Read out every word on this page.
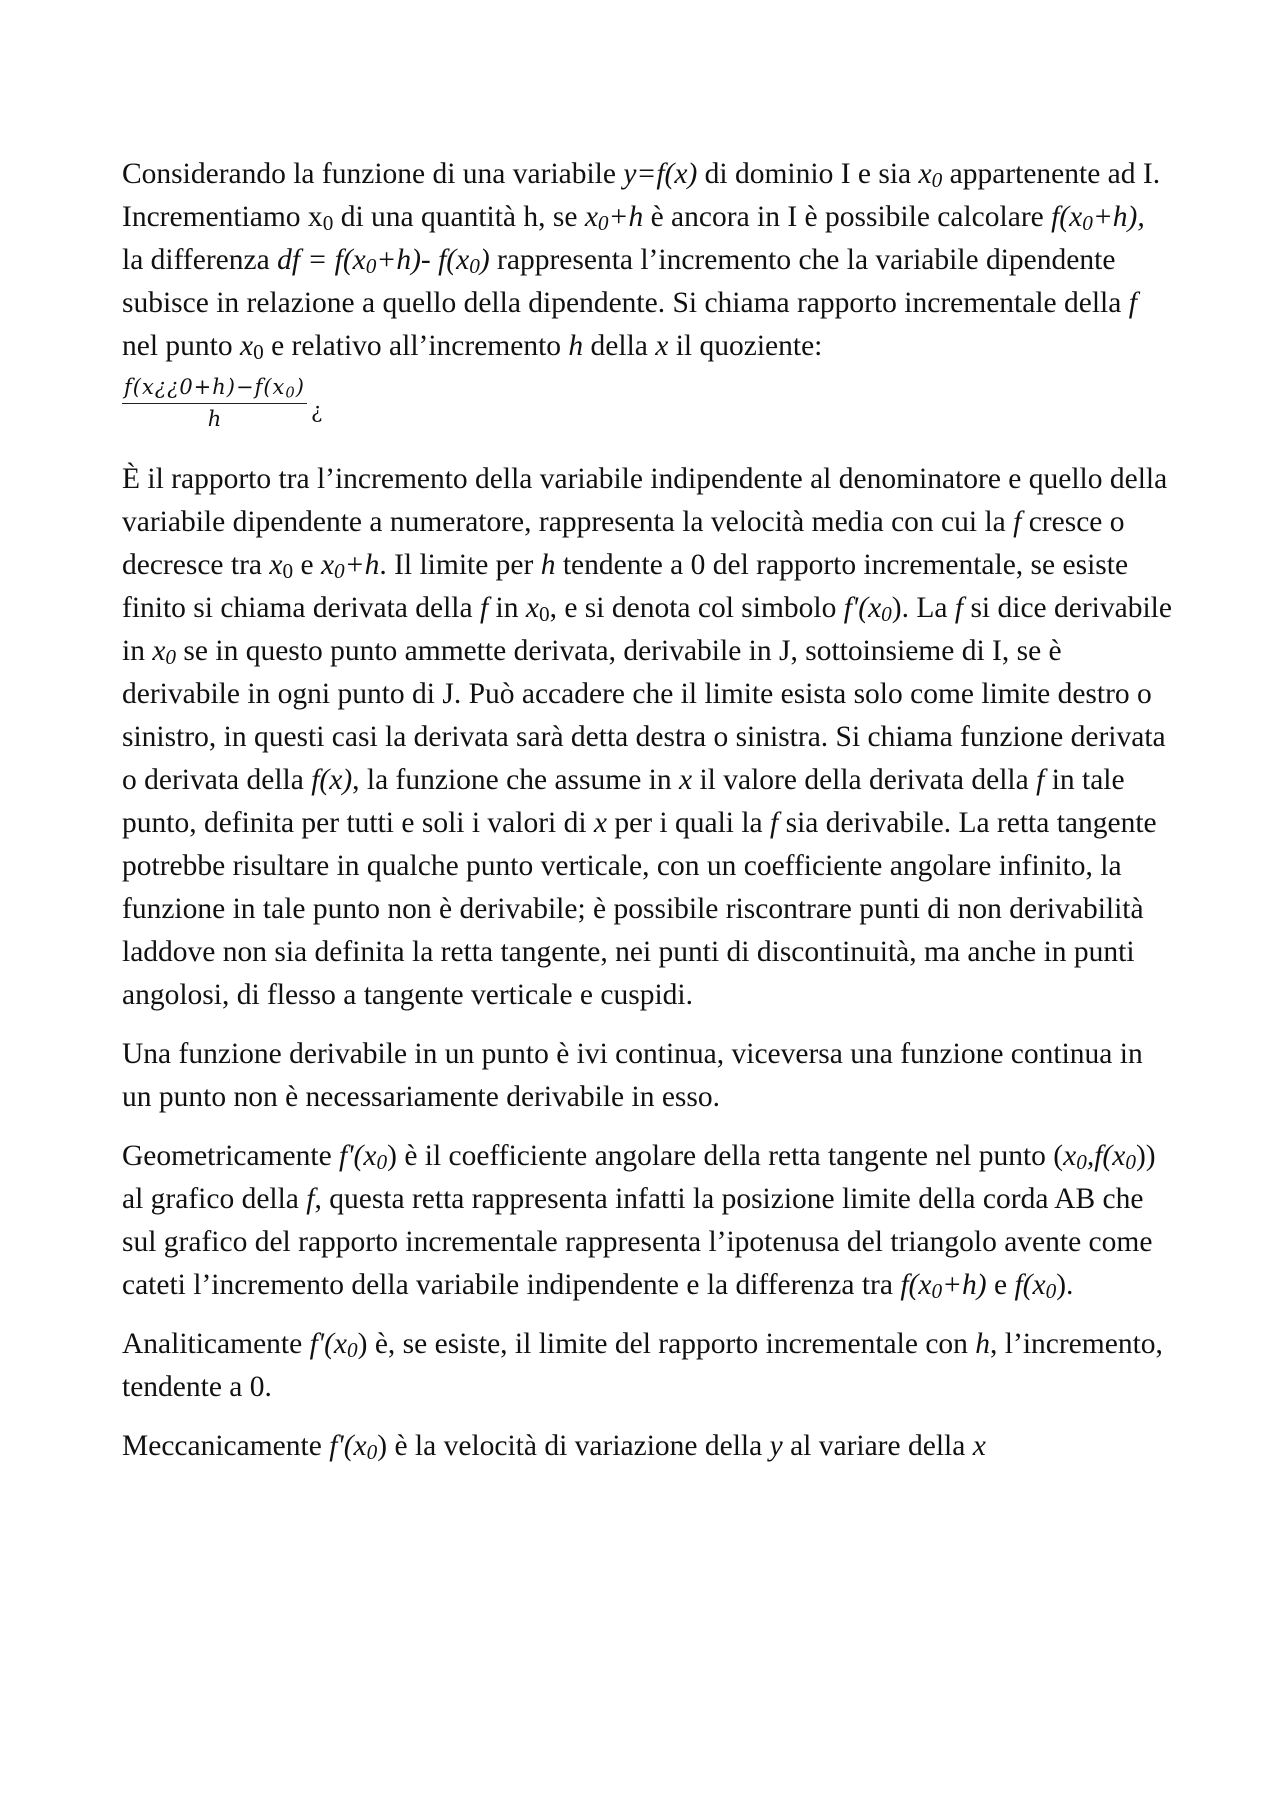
Considerando la funzione di una variabile y=f(x) di dominio I e sia $x_0$ appartenente ad I. Incrementiamo $x_0$ di una quantità h, se $x_0+h$ è ancora in I è possibile calcolare $f(x_0+h)$, la differenza df = $f(x_0+h)-$ $f(x_0)$ rappresenta l’incremento che la variabile dipendente subisce in relazione a quello della dipendente. Si chiama rapporto incrementale della f nel punto $x_0$ e relativo all’incremento h della x il quoziente:

$\frac{f(x¿¿0+h)-f(x_0)}{h}$ ¿

È il rapporto tra l’incremento della variabile indipendente al denominatore e quello della variabile dipendente a numeratore, rappresenta la velocità media con cui la f cresce o decresce tra $x_0$ e $x_0+h$. Il limite per h tendente a 0 del rapporto incrementale, se esiste finito si chiama derivata della f in $x_0$, e si denota col simbolo $f'(x_0)$. La f si dice derivabile in $x_0$ se in questo punto ammette derivata, derivabile in J, sottoinsieme di I, se è derivabile in ogni punto di J. Può accadere che il limite esista solo come limite destro o sinistro, in questi casi la derivata sarà detta destra o sinistra. Si chiama funzione derivata o derivata della f(x), la funzione che assume in x il valore della derivata della f in tale punto, definita per tutti e soli i valori di x per i quali la f sia derivabile. La retta tangente potrebbe risultare in qualche punto verticale, con un coefficiente angolare infinito, la funzione in tale punto non è derivabile; è possibile riscontrare punti di non derivabilità laddove non sia definita la retta tangente, nei punti di discontinuità, ma anche in punti angolosi, di flesso a tangente verticale e cuspidi.

Una funzione derivabile in un punto è ivi continua, viceversa una funzione continua in un punto non è necessariamente derivabile in esso.

Geometricamente $f'(x_0)$ è il coefficiente angolare della retta tangente nel punto $(x_0,f(x_0))$ al grafico della f, questa retta rappresenta infatti la posizione limite della corda AB che sul grafico del rapporto incrementale rappresenta l’ipotenusa del triangolo avente come cateti l’incremento della variabile indipendente e la differenza tra $f(x_0+h)$ e $f(x_0)$.

Analiticamente $f'(x_0)$ è, se esiste, il limite del rapporto incrementale con h, l’incremento, tendente a 0.

Meccanicamente $f'(x_0)$ è la velocità di variazione della y al variare della x
